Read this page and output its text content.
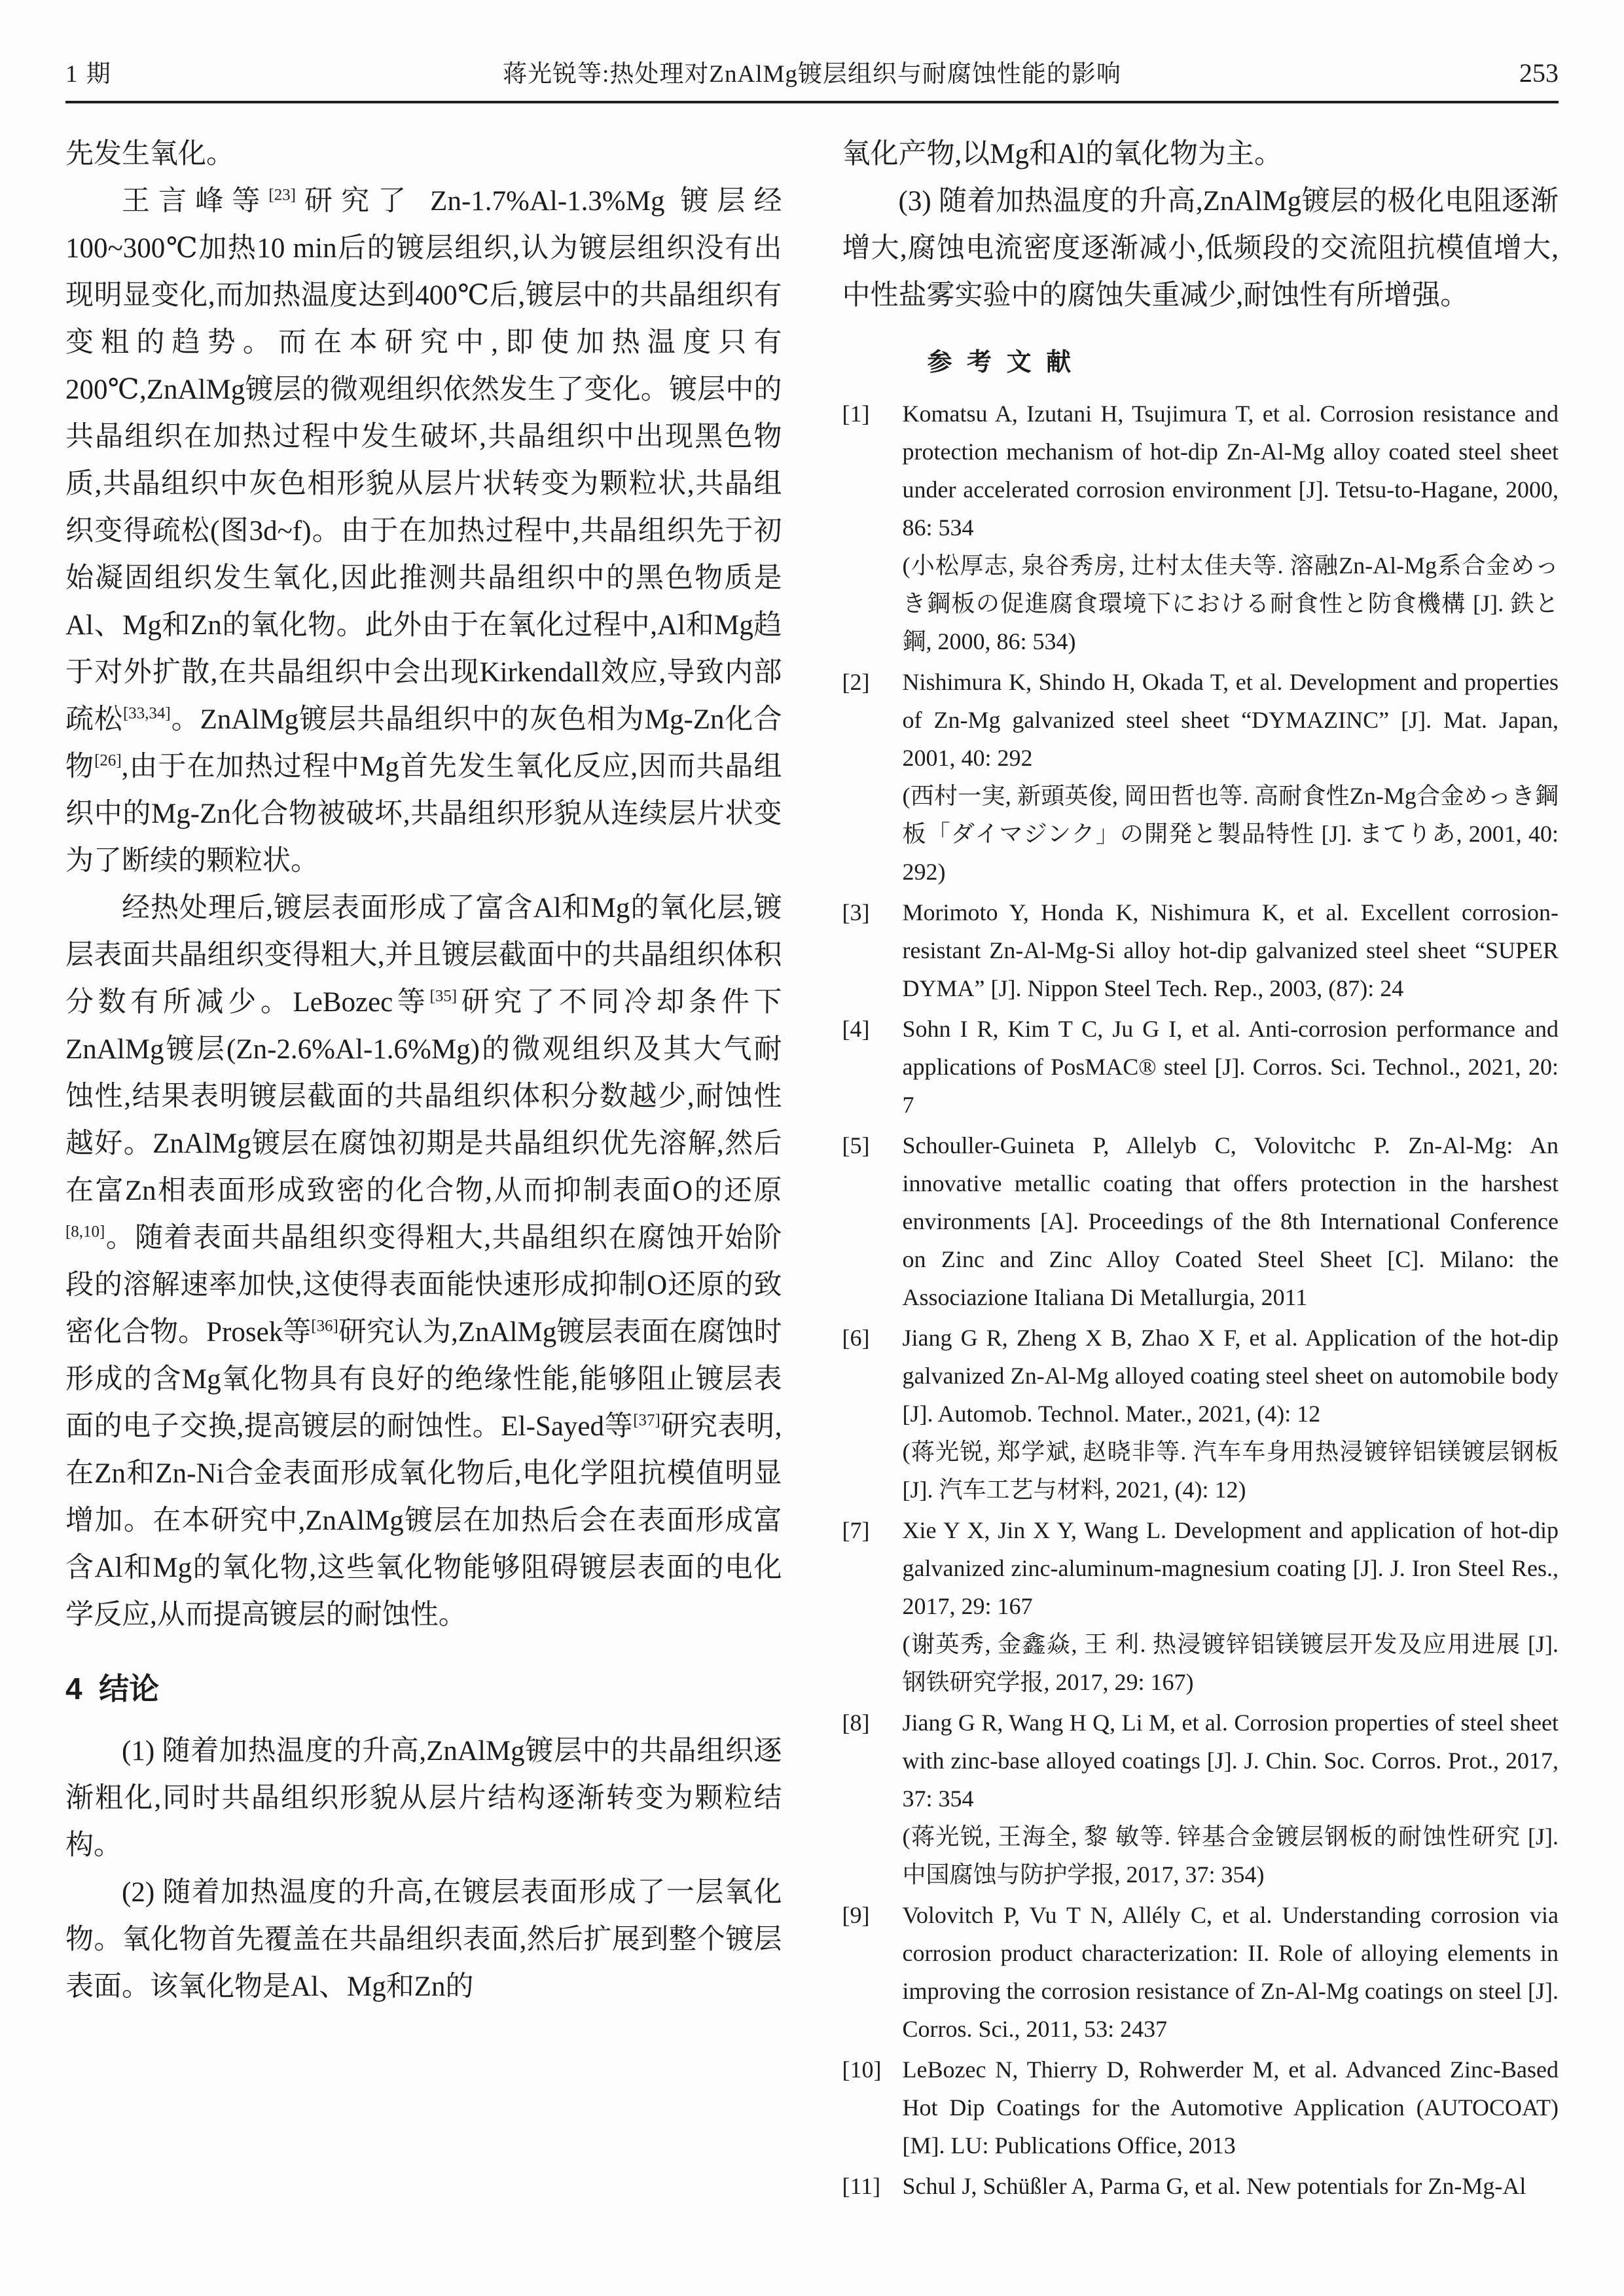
1 期	蒋光锐等:热处理对ZnAlMg镀层组织与耐腐蚀性能的影响	253

先发生氧化。

王言峰等[23]研究了 Zn-1.7%Al-1.3%Mg 镀层经100~300℃加热10 min后的镀层组织,认为镀层组织没有出现明显变化,而加热温度达到400℃后,镀层中的共晶组织有变粗的趋势。而在本研究中,即使加热温度只有200℃,ZnAlMg镀层的微观组织依然发生了变化。镀层中的共晶组织在加热过程中发生破坏,共晶组织中出现黑色物质,共晶组织中灰色相形貌从层片状转变为颗粒状,共晶组织变得疏松(图3d~f)。由于在加热过程中,共晶组织先于初始凝固组织发生氧化,因此推测共晶组织中的黑色物质是Al、Mg和Zn的氧化物。此外由于在氧化过程中,Al和Mg趋于对外扩散,在共晶组织中会出现Kirkendall效应,导致内部疏松[33,34]。ZnAlMg镀层共晶组织中的灰色相为Mg-Zn化合物[26],由于在加热过程中Mg首先发生氧化反应,因而共晶组织中的Mg-Zn化合物被破坏,共晶组织形貌从连续层片状变为了断续的颗粒状。

经热处理后,镀层表面形成了富含Al和Mg的氧化层,镀层表面共晶组织变得粗大,并且镀层截面中的共晶组织体积分数有所减少。LeBozec等[35]研究了不同冷却条件下ZnAlMg镀层(Zn-2.6%Al-1.6%Mg)的微观组织及其大气耐蚀性,结果表明镀层截面的共晶组织体积分数越少,耐蚀性越好。ZnAlMg镀层在腐蚀初期是共晶组织优先溶解,然后在富Zn相表面形成致密的化合物,从而抑制表面O的还原[8,10]。随着表面共晶组织变得粗大,共晶组织在腐蚀开始阶段的溶解速率加快,这使得表面能快速形成抑制O还原的致密化合物。Prosek等[36]研究认为,ZnAlMg镀层表面在腐蚀时形成的含Mg氧化物具有良好的绝缘性能,能够阻止镀层表面的电子交换,提高镀层的耐蚀性。El-Sayed等[37]研究表明,在Zn和Zn-Ni合金表面形成氧化物后,电化学阻抗模值明显增加。在本研究中,ZnAlMg镀层在加热后会在表面形成富含Al和Mg的氧化物,这些氧化物能够阻碍镀层表面的电化学反应,从而提高镀层的耐蚀性。

4  结论

(1) 随着加热温度的升高,ZnAlMg镀层中的共晶组织逐渐粗化,同时共晶组织形貌从层片结构逐渐转变为颗粒结构。

(2) 随着加热温度的升高,在镀层表面形成了一层氧化物。氧化物首先覆盖在共晶组织表面,然后扩展到整个镀层表面。该氧化物是Al、Mg和Zn的

氧化产物,以Mg和Al的氧化物为主。

(3) 随着加热温度的升高,ZnAlMg镀层的极化电阻逐渐增大,腐蚀电流密度逐渐减小,低频段的交流阻抗模值增大,中性盐雾实验中的腐蚀失重减少,耐蚀性有所增强。

参 考 文 献
[1]	Komatsu A, Izutani H, Tsujimura T, et al. Corrosion resistance and protection mechanism of hot-dip Zn-Al-Mg alloy coated steel sheet under accelerated corrosion environment [J]. Tetsu-to-Hagane, 2000, 86: 534
(小松厚志, 泉谷秀房, 辻村太佳夫等. 溶融Zn-Al-Mg系合金めっき鋼板の促進腐食環境下における耐食性と防食機構 [J]. 鉄と鋼, 2000, 86: 534)
[2]	Nishimura K, Shindo H, Okada T, et al. Development and properties of Zn-Mg galvanized steel sheet “DYMAZINC” [J]. Mat. Japan, 2001, 40: 292
(西村一実, 新頭英俊, 岡田哲也等. 高耐食性Zn-Mg合金めっき鋼板「ダイマジンク」の開発と製品特性 [J]. まてりあ, 2001, 40: 292)
[3]	Morimoto Y, Honda K, Nishimura K, et al. Excellent corrosion-resistant Zn-Al-Mg-Si alloy hot-dip galvanized steel sheet “SUPER DYMA” [J]. Nippon Steel Tech. Rep., 2003, (87): 24
[4]	Sohn I R, Kim T C, Ju G I, et al. Anti-corrosion performance and applications of PosMAC® steel [J]. Corros. Sci. Technol., 2021, 20: 7
[5]	Schouller-Guineta P, Allelyb C, Volovitchc P. Zn-Al-Mg: An innovative metallic coating that offers protection in the harshest environments [A]. Proceedings of the 8th International Conference on Zinc and Zinc Alloy Coated Steel Sheet [C]. Milano: the Associazione Italiana Di Metallurgia, 2011
[6]	Jiang G R, Zheng X B, Zhao X F, et al. Application of the hot-dip galvanized Zn-Al-Mg alloyed coating steel sheet on automobile body [J]. Automob. Technol. Mater., 2021, (4): 12
(蒋光锐, 郑学斌, 赵晓非等. 汽车车身用热浸镀锌铝镁镀层钢板 [J]. 汽车工艺与材料, 2021, (4): 12)
[7]	Xie Y X, Jin X Y, Wang L. Development and application of hot-dip galvanized zinc-aluminum-magnesium coating [J]. J. Iron Steel Res., 2017, 29: 167
(谢英秀, 金鑫焱, 王 利. 热浸镀锌铝镁镀层开发及应用进展 [J]. 钢铁研究学报, 2017, 29: 167)
[8]	Jiang G R, Wang H Q, Li M, et al. Corrosion properties of steel sheet with zinc-base alloyed coatings [J]. J. Chin. Soc. Corros. Prot., 2017, 37: 354
(蒋光锐, 王海全, 黎 敏等. 锌基合金镀层钢板的耐蚀性研究 [J]. 中国腐蚀与防护学报, 2017, 37: 354)
[9]	Volovitch P, Vu T N, Allély C, et al. Understanding corrosion via corrosion product characterization: II. Role of alloying elements in improving the corrosion resistance of Zn-Al-Mg coatings on steel [J]. Corros. Sci., 2011, 53: 2437
[10] LeBozec N, Thierry D, Rohwerder M, et al. Advanced Zinc-Based Hot Dip Coatings for the Automotive Application (AUTOCOAT) [M]. LU: Publications Office, 2013
[11] Schul J, Schüßler A, Parma G, et al. New potentials for Zn-Mg-Al
